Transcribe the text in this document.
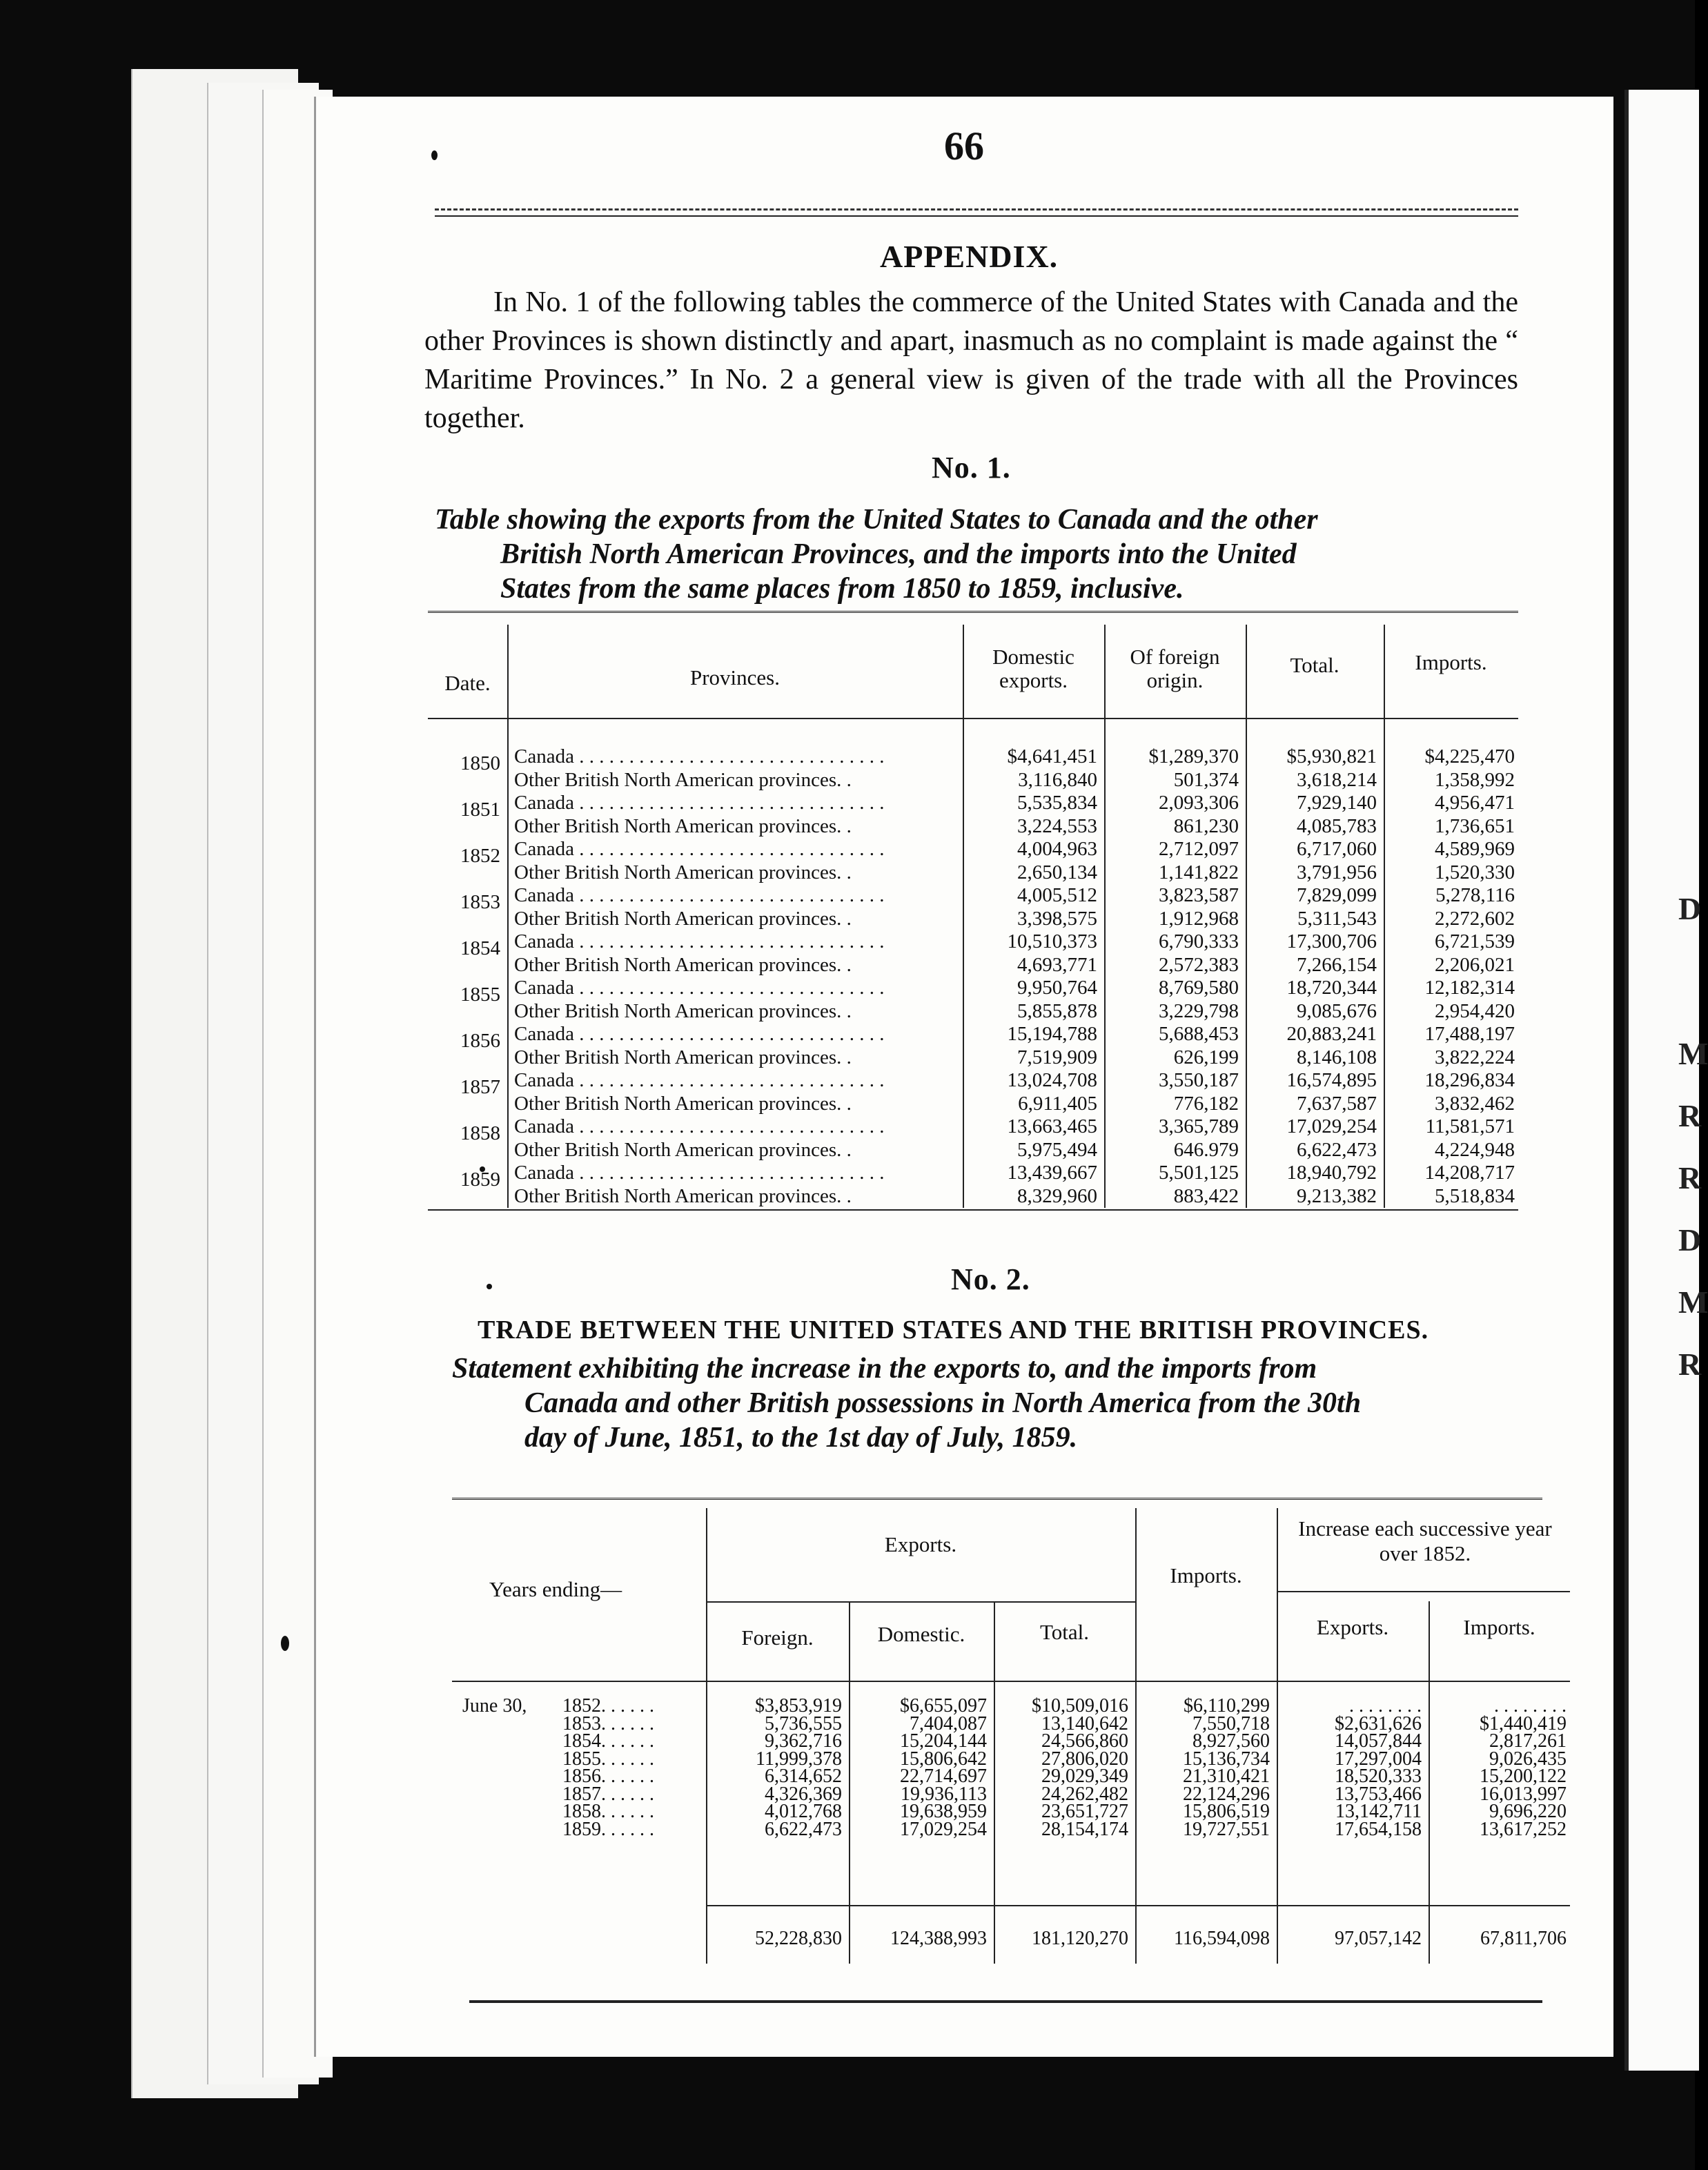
D
M
R
R
D
M
R
66
APPENDIX.
In No. 1 of the following tables the commerce of the United States with Canada and the other Provinces is shown distinctly and apart, inasmuch as no complaint is made against the “ Maritime Provinces.” In No. 2 a general view is given of the trade with all the Provinces together.
No. 1.
Table showing the exports from the United States to Canada and the other
British North American Provinces, and the imports into the United
States from the same places from 1850 to 1859, inclusive.
Date.	Provinces.
Domestic exports.
Of foreign origin.
Total.	Imports.
1850 Canada . . . . . . . . . . . . . . . . . . . . . . . . . . . . . . .	$4,641,451	$1,289,370	$5,930,821	$4,225,470
Other British North American provinces. .	3,116,840	501,374	3,618,214	1,358,992
1851 Canada . . . . . . . . . . . . . . . . . . . . . . . . . . . . . . .	5,535,834	2,093,306	7,929,140	4,956,471
Other British North American provinces. .	3,224,553	861,230	4,085,783	1,736,651
1852 Canada . . . . . . . . . . . . . . . . . . . . . . . . . . . . . . .	4,004,963	2,712,097	6,717,060	4,589,969
Other British North American provinces. .	2,650,134	1,141,822	3,791,956	1,520,330
1853 Canada . . . . . . . . . . . . . . . . . . . . . . . . . . . . . . .	4,005,512	3,823,587	7,829,099	5,278,116
Other British North American provinces. .	3,398,575	1,912,968	5,311,543	2,272,602
1854 Canada . . . . . . . . . . . . . . . . . . . . . . . . . . . . . . .	10,510,373	6,790,333	17,300,706	6,721,539
Other British North American provinces. .	4,693,771	2,572,383	7,266,154	2,206,021
1855 Canada . . . . . . . . . . . . . . . . . . . . . . . . . . . . . . .	9,950,764	8,769,580	18,720,344	12,182,314
Other British North American provinces. .	5,855,878	3,229,798	9,085,676	2,954,420
1856 Canada . . . . . . . . . . . . . . . . . . . . . . . . . . . . . . .	15,194,788	5,688,453	20,883,241	17,488,197
Other British North American provinces. .	7,519,909	626,199	8,146,108	3,822,224
1857 Canada . . . . . . . . . . . . . . . . . . . . . . . . . . . . . . .	13,024,708	3,550,187	16,574,895	18,296,834
Other British North American provinces. .	6,911,405	776,182	7,637,587	3,832,462
1858 Canada . . . . . . . . . . . . . . . . . . . . . . . . . . . . . . .	13,663,465	3,365,789	17,029,254	11,581,571
Other British North American provinces. .	5,975,494	646.979	6,622,473	4,224,948
1859 Canada . . . . . . . . . . . . . . . . . . . . . . . . . . . . . . .	13,439,667	5,501,125	18,940,792	14,208,717
Other British North American provinces. .	8,329,960	883,422	9,213,382	5,518,834
No. 2.
TRADE BETWEEN THE UNITED STATES AND THE BRITISH PROVINCES.
Statement exhibiting the increase in the exports to, and the imports from
Canada and other British possessions in North America from the 30th
day of June, 1851, to the 1st day of July, 1859.
Years ending—
Exports.
Imports.
Increase each successive year over 1852.
Foreign.	Domestic.	Total.	Exports.	Imports.
June 30,	1852. . . . . .	$3,853,919	$6,655,097	$10,509,016	$6,110,299	. . . . . . . .	. . . . . . . .
1853. . . . . .	5,736,555	7,404,087	13,140,642	7,550,718	$2,631,626	$1,440,419
1854. . . . . .	9,362,716	15,204,144	24,566,860	8,927,560	14,057,844	2,817,261
1855. . . . . .	11,999,378	15,806,642	27,806,020	15,136,734	17,297,004	9,026,435
1856. . . . . .	6,314,652	22,714,697	29,029,349	21,310,421	18,520,333	15,200,122
1857. . . . . .	4,326,369	19,936,113	24,262,482	22,124,296	13,753,466	16,013,997
1858. . . . . .	4,012,768	19,638,959	23,651,727	15,806,519	13,142,711	9,696,220
1859. . . . . .	6,622,473	17,029,254	28,154,174	19,727,551	17,654,158	13,617,252
52,228,830	124,388,993	181,120,270	116,594,098	97,057,142	67,811,706
